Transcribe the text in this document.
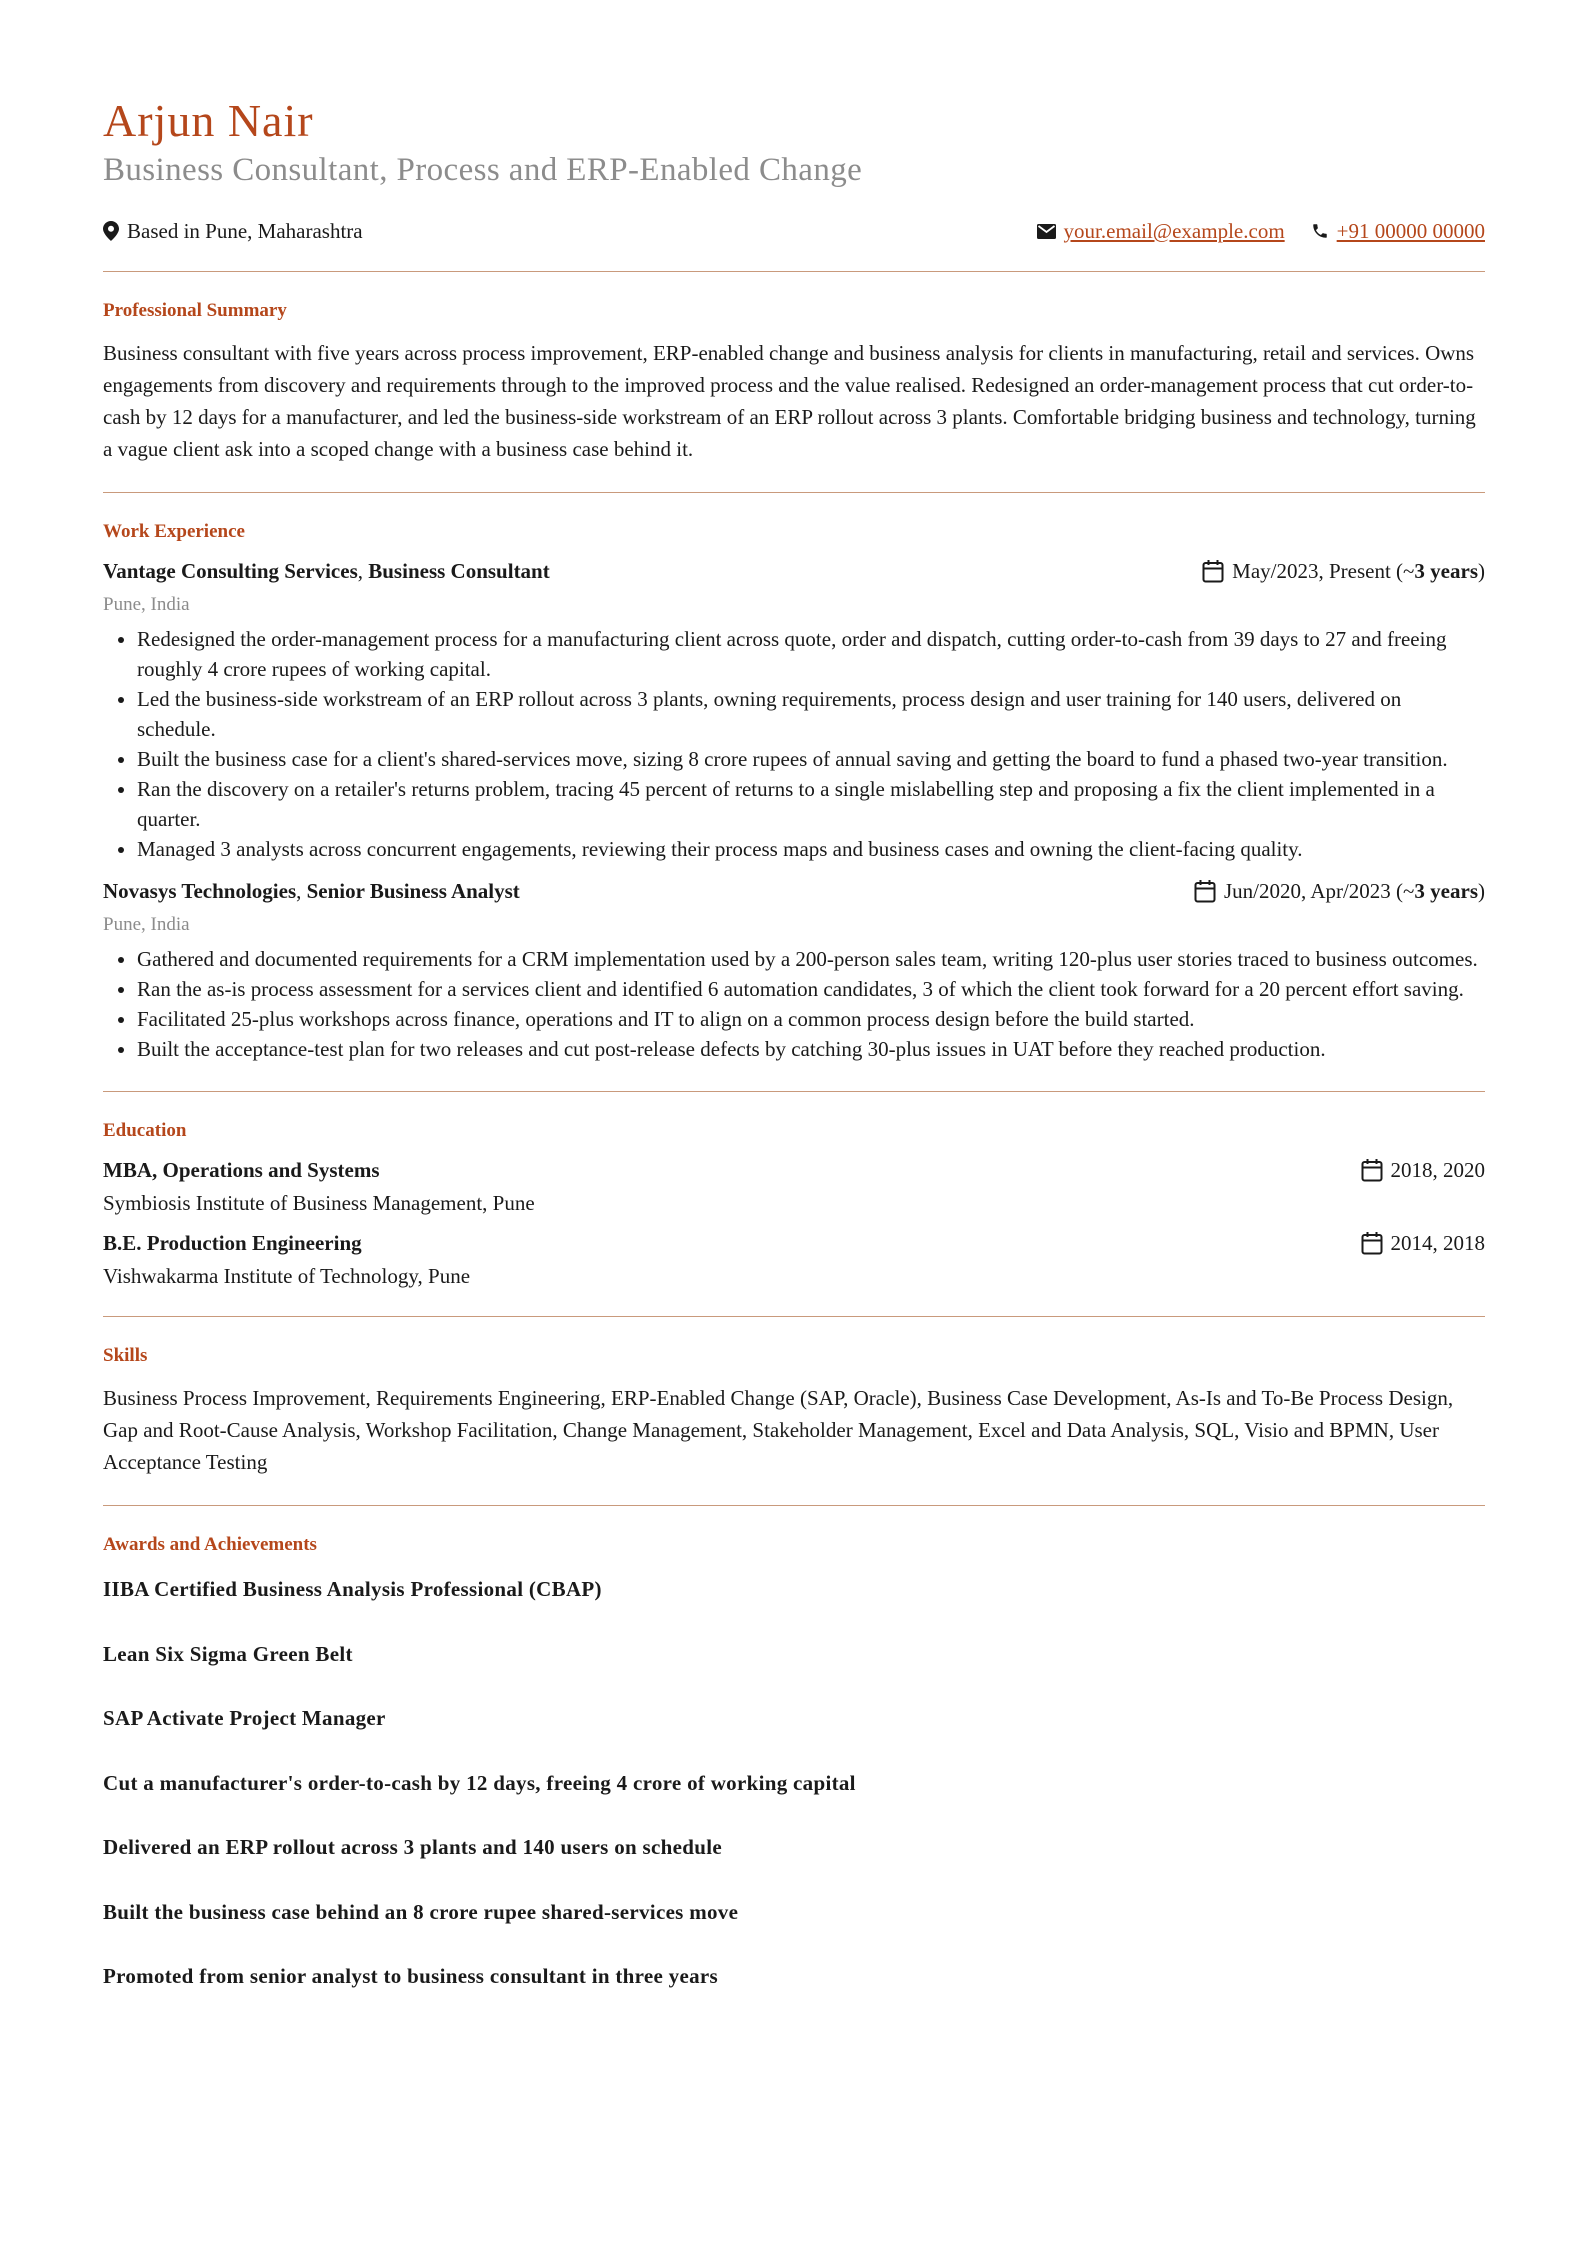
Arjun Nair
Business Consultant, Process and ERP-Enabled Change
Based in Pune, Maharashtra	your.email@example.com +91 00000 00000
Professional Summary

Business consultant with five years across process improvement, ERP-enabled change and business analysis for clients in manufacturing, retail and services. Owns engagements from discovery and requirements through to the improved process and the value realised. Redesigned an order-management process that cut order-to-cash by 12 days for a manufacturer, and led the business-side workstream of an ERP rollout across 3 plants. Comfortable bridging business and technology, turning a vague client ask into a scoped change with a business case behind it.

Work Experience
Vantage Consulting Services, Business Consultant	May/2023, Present (~ 3 years )
Pune, India
• Redesigned the order-management process for a manufacturing client across quote, order and dispatch, cutting order-to-cash from 39 days to 27 and freeing roughly 4 crore rupees of working capital.
• Led the business-side workstream of an ERP rollout across 3 plants, owning requirements, process design and user training for 140 users, delivered on schedule.
• Built the business case for a client's shared-services move, sizing 8 crore rupees of annual saving and getting the board to fund a phased two-year transition.
• Ran the discovery on a retailer's returns problem, tracing 45 percent of returns to a single mislabelling step and proposing a fix the client implemented in a quarter.
• Managed 3 analysts across concurrent engagements, reviewing their process maps and business cases and owning the client-facing quality.
Novasys Technologies, Senior Business Analyst	Jun/2020, Apr/2023 (~ 3 years )
Pune, India
• Gathered and documented requirements for a CRM implementation used by a 200-person sales team, writing 120-plus user stories traced to business outcomes.
• Ran the as-is process assessment for a services client and identified 6 automation candidates, 3 of which the client took forward for a 20 percent effort saving.
• Facilitated 25-plus workshops across finance, operations and IT to align on a common process design before the build started.
• Built the acceptance-test plan for two releases and cut post-release defects by catching 30-plus issues in UAT before they reached production.
Education
MBA, Operations and Systems	2018, 2020
Symbiosis Institute of Business Management, Pune
B.E. Production Engineering	2014, 2018
Vishwakarma Institute of Technology, Pune
Skills

Business Process Improvement, Requirements Engineering, ERP-Enabled Change (SAP, Oracle), Business Case Development, As-Is and To-Be Process Design, Gap and Root-Cause Analysis, Workshop Facilitation, Change Management, Stakeholder Management, Excel and Data Analysis, SQL, Visio and BPMN, User Acceptance Testing

Awards and Achievements
IIBA Certified Business Analysis Professional (CBAP)
Lean Six Sigma Green Belt
SAP Activate Project Manager
Cut a manufacturer's order-to-cash by 12 days, freeing 4 crore of working capital
Delivered an ERP rollout across 3 plants and 140 users on schedule
Built the business case behind an 8 crore rupee shared-services move
Promoted from senior analyst to business consultant in three years
